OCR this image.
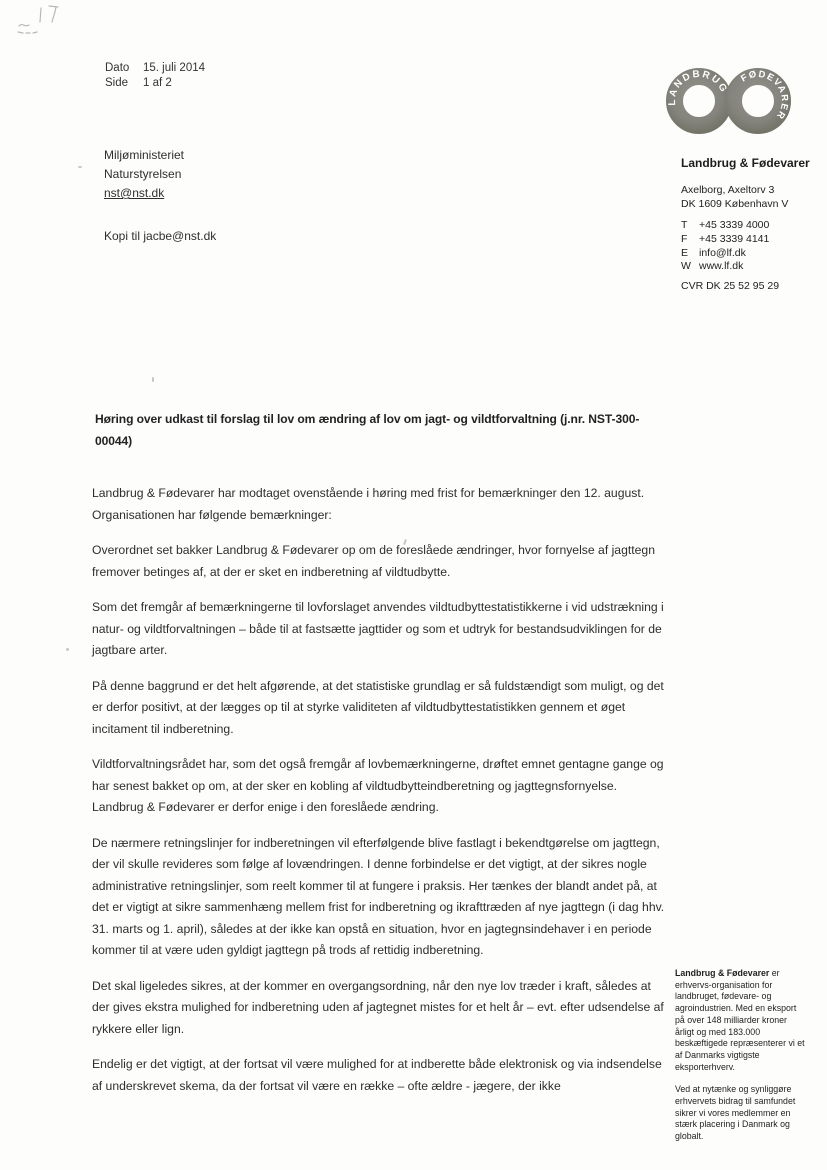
Dato	15. juli 2014
Side	1 af 2
Miljøministeriet
Naturstyrelsen
nst@nst.dk
Kopi til jacbe@nst.dk
LANDBRUG
FØDEVARER
Landbrug & Fødevarer
Axelborg, Axeltorv 3
DK 1609 København V
T +45 3339 4000
F +45 3339 4141
E info@lf.dk
W www.lf.dk
CVR DK 25 52 95 29
Høring over udkast til forslag til lov om ændring af lov om jagt- og vildtforvaltning (j.nr. NST-300-00044)

Landbrug & Fødevarer har modtaget ovenstående i høring med frist for bemærkninger den 12. august. Organisationen har følgende bemærkninger:

Overordnet set bakker Landbrug & Fødevarer op om de foreslåede ændringer, hvor fornyelse af jagttegn fremover betinges af, at der er sket en indberetning af vildtudbytte.

Som det fremgår af bemærkningerne til lovforslaget anvendes vildtudbyttestatistikkerne i vid udstrækning i natur- og vildtforvaltningen – både til at fastsætte jagttider og som et udtryk for bestandsudviklingen for de jagtbare arter.

På denne baggrund er det helt afgørende, at det statistiske grundlag er så fuldstændigt som muligt, og det er derfor positivt, at der lægges op til at styrke validiteten af vildtudbyttestatistikken gennem et øget incitament til indberetning.

Vildtforvaltningsrådet har, som det også fremgår af lovbemærkningerne, drøftet emnet gentagne gange og har senest bakket op om, at der sker en kobling af vildtudbytteindberetning og jagttegnsfornyelse. Landbrug & Fødevarer er derfor enige i den foreslåede ændring.

De nærmere retningslinjer for indberetningen vil efterfølgende blive fastlagt i bekendtgørelse om jagttegn, der vil skulle revideres som følge af lovændringen. I denne forbindelse er det vigtigt, at der sikres nogle administrative retningslinjer, som reelt kommer til at fungere i praksis. Her tænkes der blandt andet på, at det er vigtigt at sikre sammenhæng mellem frist for indberetning og ikrafttræden af nye jagttegn (i dag hhv. 31. marts og 1. april), således at der ikke kan opstå en situation, hvor en jagtegnsindehaver i en periode kommer til at være uden gyldigt jagttegn på trods af rettidig indberetning.

Det skal ligeledes sikres, at der kommer en overgangsordning, når den nye lov træder i kraft, således at der gives ekstra mulighed for indberetning uden af jagtegnet mistes for et helt år – evt. efter udsendelse af rykkere eller lign.

Endelig er det vigtigt, at der fortsat vil være mulighed for at indberette både elektronisk og via indsendelse af underskrevet skema, da der fortsat vil være en række – ofte ældre - jægere, der ikke

Landbrug & Fødevarer er erhvervs-organisation for landbruget, fødevare- og agroindustrien. Med en eksport på over 148 milliarder kroner årligt og med 183.000 beskæftigede repræsenterer vi et af Danmarks vigtigste eksporterhverv.

Ved at nytænke og synliggøre erhvervets bidrag til samfundet sikrer vi vores medlemmer en stærk placering i Danmark og globalt.
